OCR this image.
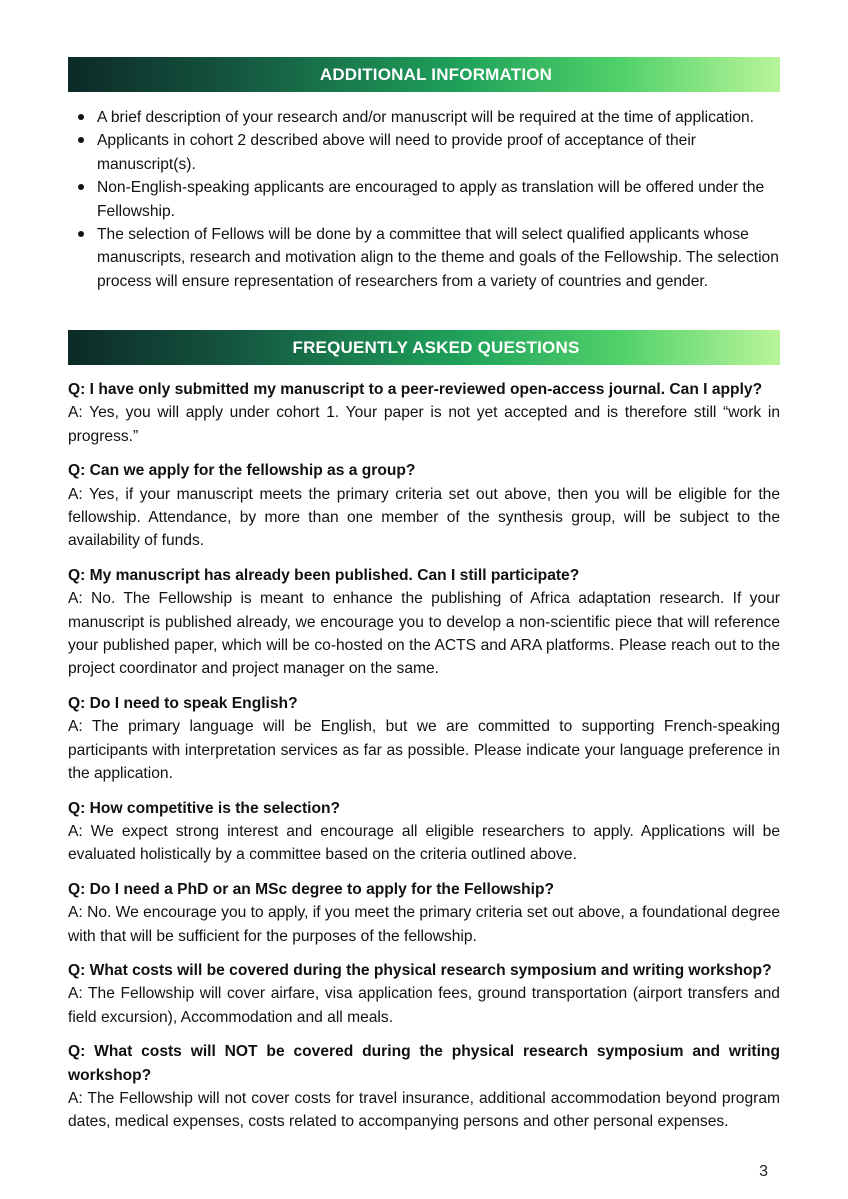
ADDITIONAL INFORMATION
A brief description of your research and/or manuscript will be required at the time of application.
Applicants in cohort 2 described above will need to provide proof of acceptance of their manuscript(s).
Non-English-speaking applicants are encouraged to apply as translation will be offered under the Fellowship.
The selection of Fellows will be done by a committee that will select qualified applicants whose manuscripts, research and motivation align to the theme and goals of the Fellowship. The selection process will ensure representation of researchers from a variety of countries and gender.
FREQUENTLY ASKED QUESTIONS

Q: I have only submitted my manuscript to a peer-reviewed open-access journal. Can I apply?

A: Yes, you will apply under cohort 1. Your paper is not yet accepted and is therefore still “work in progress.”

Q: Can we apply for the fellowship as a group?

A: Yes, if your manuscript meets the primary criteria set out above, then you will be eligible for the fellowship. Attendance, by more than one member of the synthesis group, will be subject to the availability of funds.

Q: My manuscript has already been published. Can I still participate?

A: No. The Fellowship is meant to enhance the publishing of Africa adaptation research. If your manuscript is published already, we encourage you to develop a non-scientific piece that will reference your published paper, which will be co-hosted on the ACTS and ARA platforms. Please reach out to the project coordinator and project manager on the same.

Q: Do I need to speak English?

A: The primary language will be English, but we are committed to supporting French-speaking participants with interpretation services as far as possible. Please indicate your language preference in the application.

Q: How competitive is the selection?

A: We expect strong interest and encourage all eligible researchers to apply. Applications will be evaluated holistically by a committee based on the criteria outlined above.

Q: Do I need a PhD or an MSc degree to apply for the Fellowship?

A: No. We encourage you to apply, if you meet the primary criteria set out above, a foundational degree with that will be sufficient for the purposes of the fellowship.

Q: What costs will be covered during the physical research symposium and writing workshop?

A: The Fellowship will cover airfare, visa application fees, ground transportation (airport transfers and field excursion), Accommodation and all meals.

Q: What costs will NOT be covered during the physical research symposium and writing workshop?

A: The Fellowship will not cover costs for travel insurance, additional accommodation beyond program dates, medical expenses, costs related to accompanying persons and other personal expenses.

3
